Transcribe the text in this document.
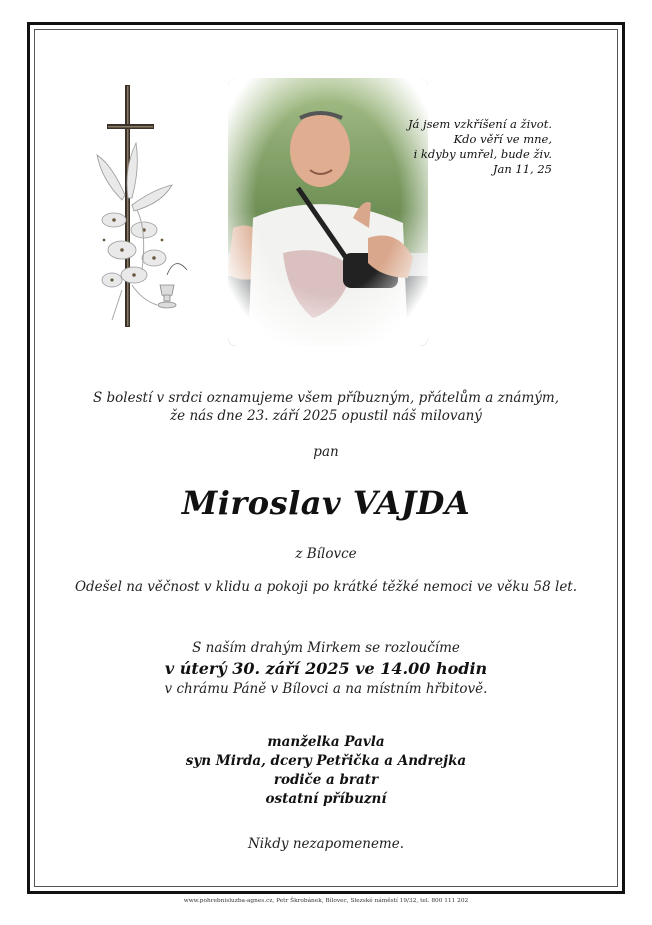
Já jsem vzkříšení a život.
Kdo věří ve mne,
i kdyby umřel, bude živ.
Jan 11, 25
S bolestí v srdci oznamujeme všem příbuzným, přátelům a známým,
že nás dne 23. září 2025 opustil náš milovaný
pan
Miroslav VAJDA
z Bílovce
Odešel na věčnost v klidu a pokoji po krátké těžké nemoci ve věku 58 let.
S naším drahým Mirkem se rozloučíme
v úterý 30. září 2025 ve 14.00 hodin
v chrámu Páně v Bílovci a na místním hřbitově.
manželka Pavla
syn Mirda, dcery Petřička a Andrejka
rodiče a bratr
ostatní příbuzní
Nikdy nezapomeneme.
www.pohrebnisluzba-agnes.cz, Petr Škrobánek, Bílovec, Slezské náměstí 19/32, tel. 800 111 202
